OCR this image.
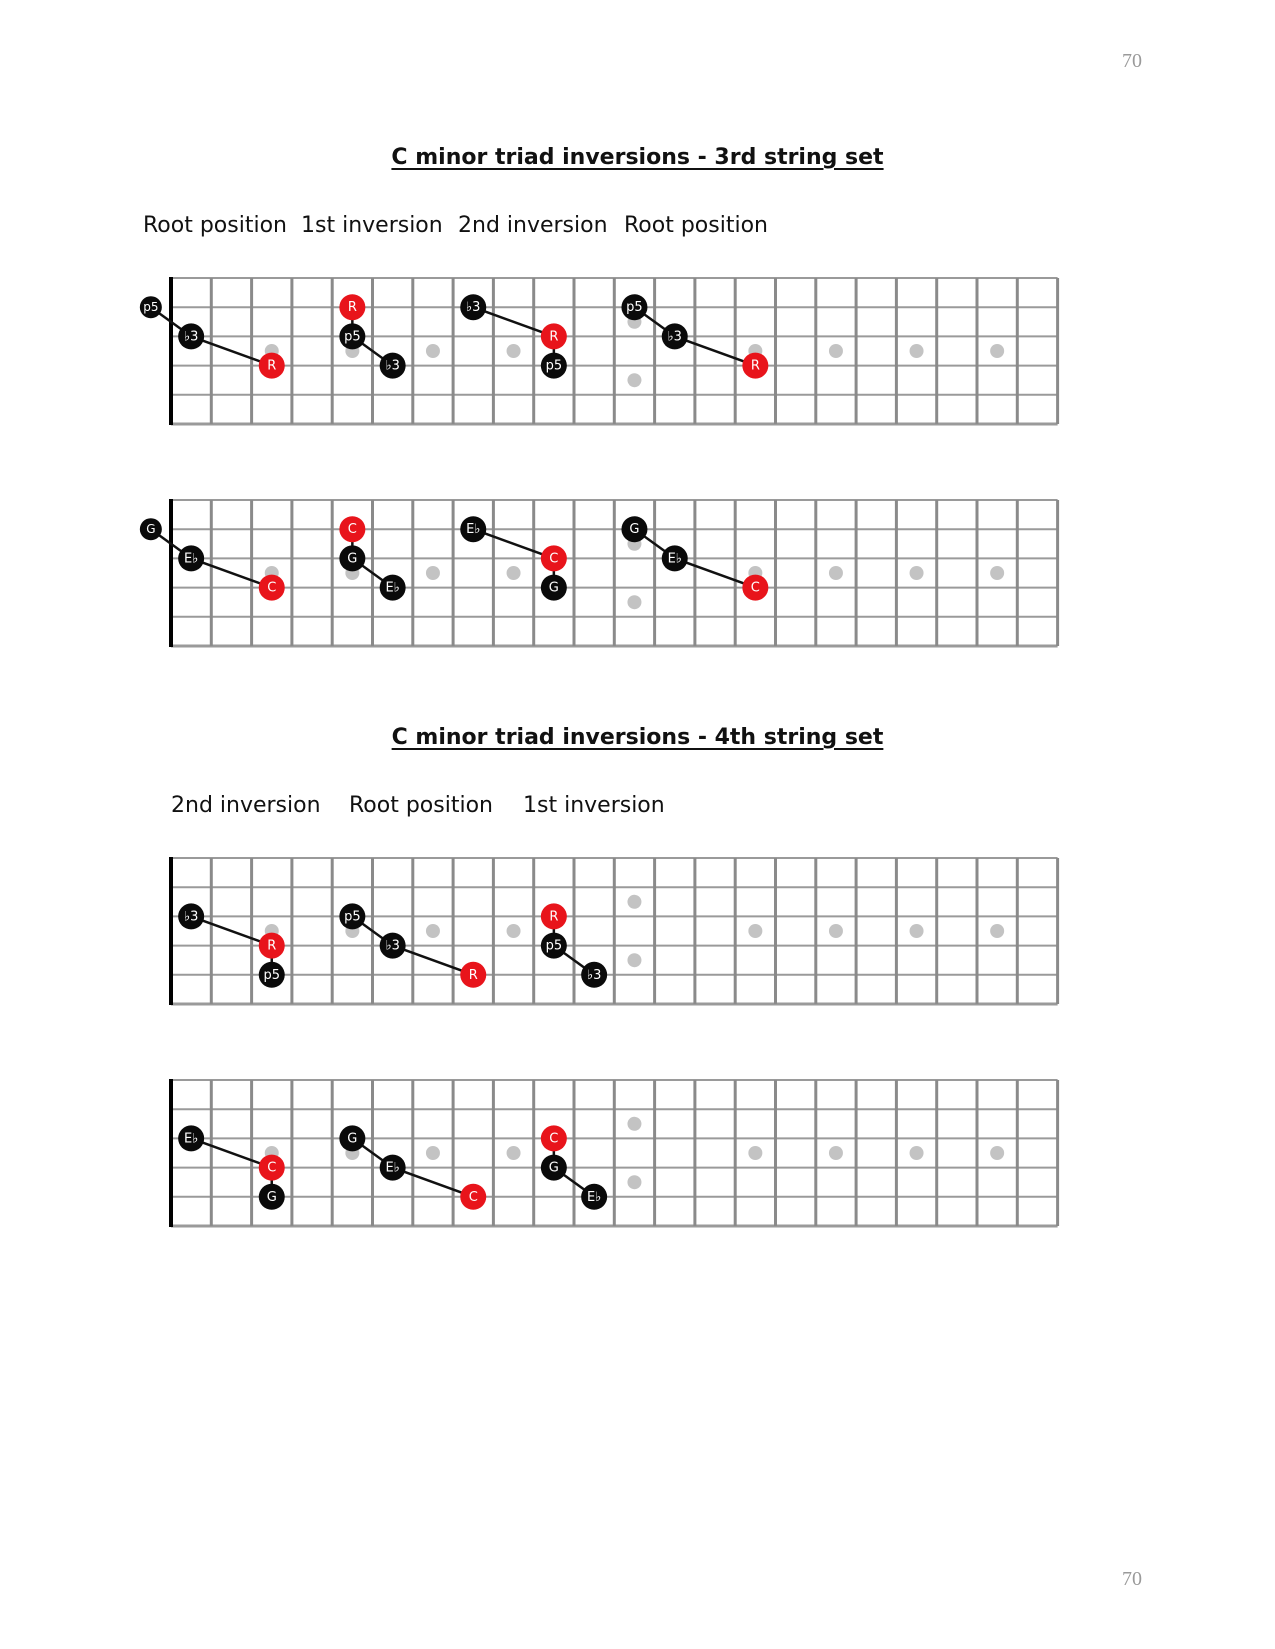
70
C minor triad inversions - 3rd string set
Root position 1st inversion 2nd inversion Root position
p5
♭3
R
R
p5
♭3
♭3
R
p5
p5
♭3
R
G
E♭
C
C
G
E♭
E♭
C
G
G
E♭
C
♭3
R
p5
p5
♭3
R
R
p5
♭3
E♭
C
G
G
E♭
C
C
G
E♭
C minor triad inversions - 4th string set
2nd inversion Root position 1st inversion
70
